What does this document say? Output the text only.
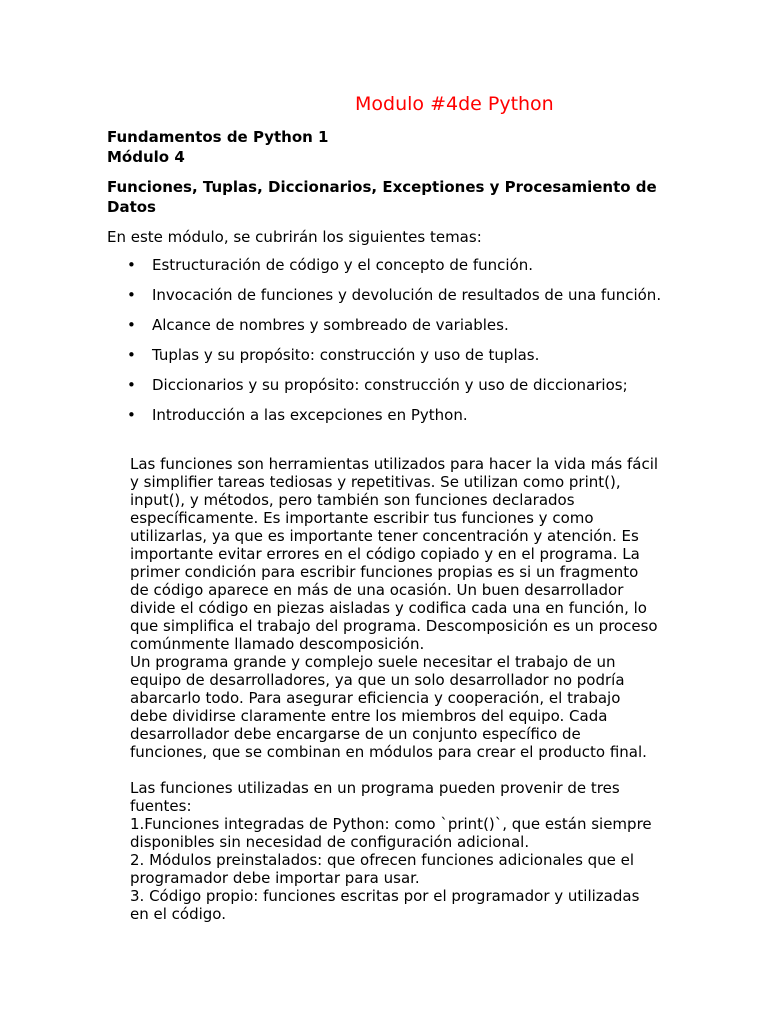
Modulo #4de Python
Fundamentos de Python 1
Módulo 4
Funciones, Tuplas, Diccionarios, Exceptiones y Procesamiento de Datos
En este módulo, se cubrirán los siguientes temas:
• Estructuración de código y el concepto de función.
• Invocación de funciones y devolución de resultados de una función.
• Alcance de nombres y sombreado de variables.
• Tuplas y su propósito: construcción y uso de tuplas.
• Diccionarios y su propósito: construcción y uso de diccionarios;
• Introducción a las excepciones en Python.
Las funciones son herramientas utilizados para hacer la vida más fácil
y simplifier tareas tediosas y repetitivas. Se utilizan como print(),
input(), y métodos, pero también son funciones declarados
específicamente. Es importante escribir tus funciones y como
utilizarlas, ya que es importante tener concentración y atención. Es
importante evitar errores en el código copiado y en el programa. La
primer condición para escribir funciones propias es si un fragmento
de código aparece en más de una ocasión. Un buen desarrollador
divide el código en piezas aisladas y codifica cada una en función, lo
que simplifica el trabajo del programa. Descomposición es un proceso
comúnmente llamado descomposición.
Un programa grande y complejo suele necesitar el trabajo de un
equipo de desarrolladores, ya que un solo desarrollador no podría
abarcarlo todo. Para asegurar eficiencia y cooperación, el trabajo
debe dividirse claramente entre los miembros del equipo. Cada
desarrollador debe encargarse de un conjunto específico de
funciones, que se combinan en módulos para crear el producto final.

Las funciones utilizadas en un programa pueden provenir de tres
fuentes:
1.Funciones integradas de Python: como `print()`, que están siempre
disponibles sin necesidad de configuración adicional.
2. Módulos preinstalados: que ofrecen funciones adicionales que el
programador debe importar para usar.
3. Código propio: funciones escritas por el programador y utilizadas
en el código.
